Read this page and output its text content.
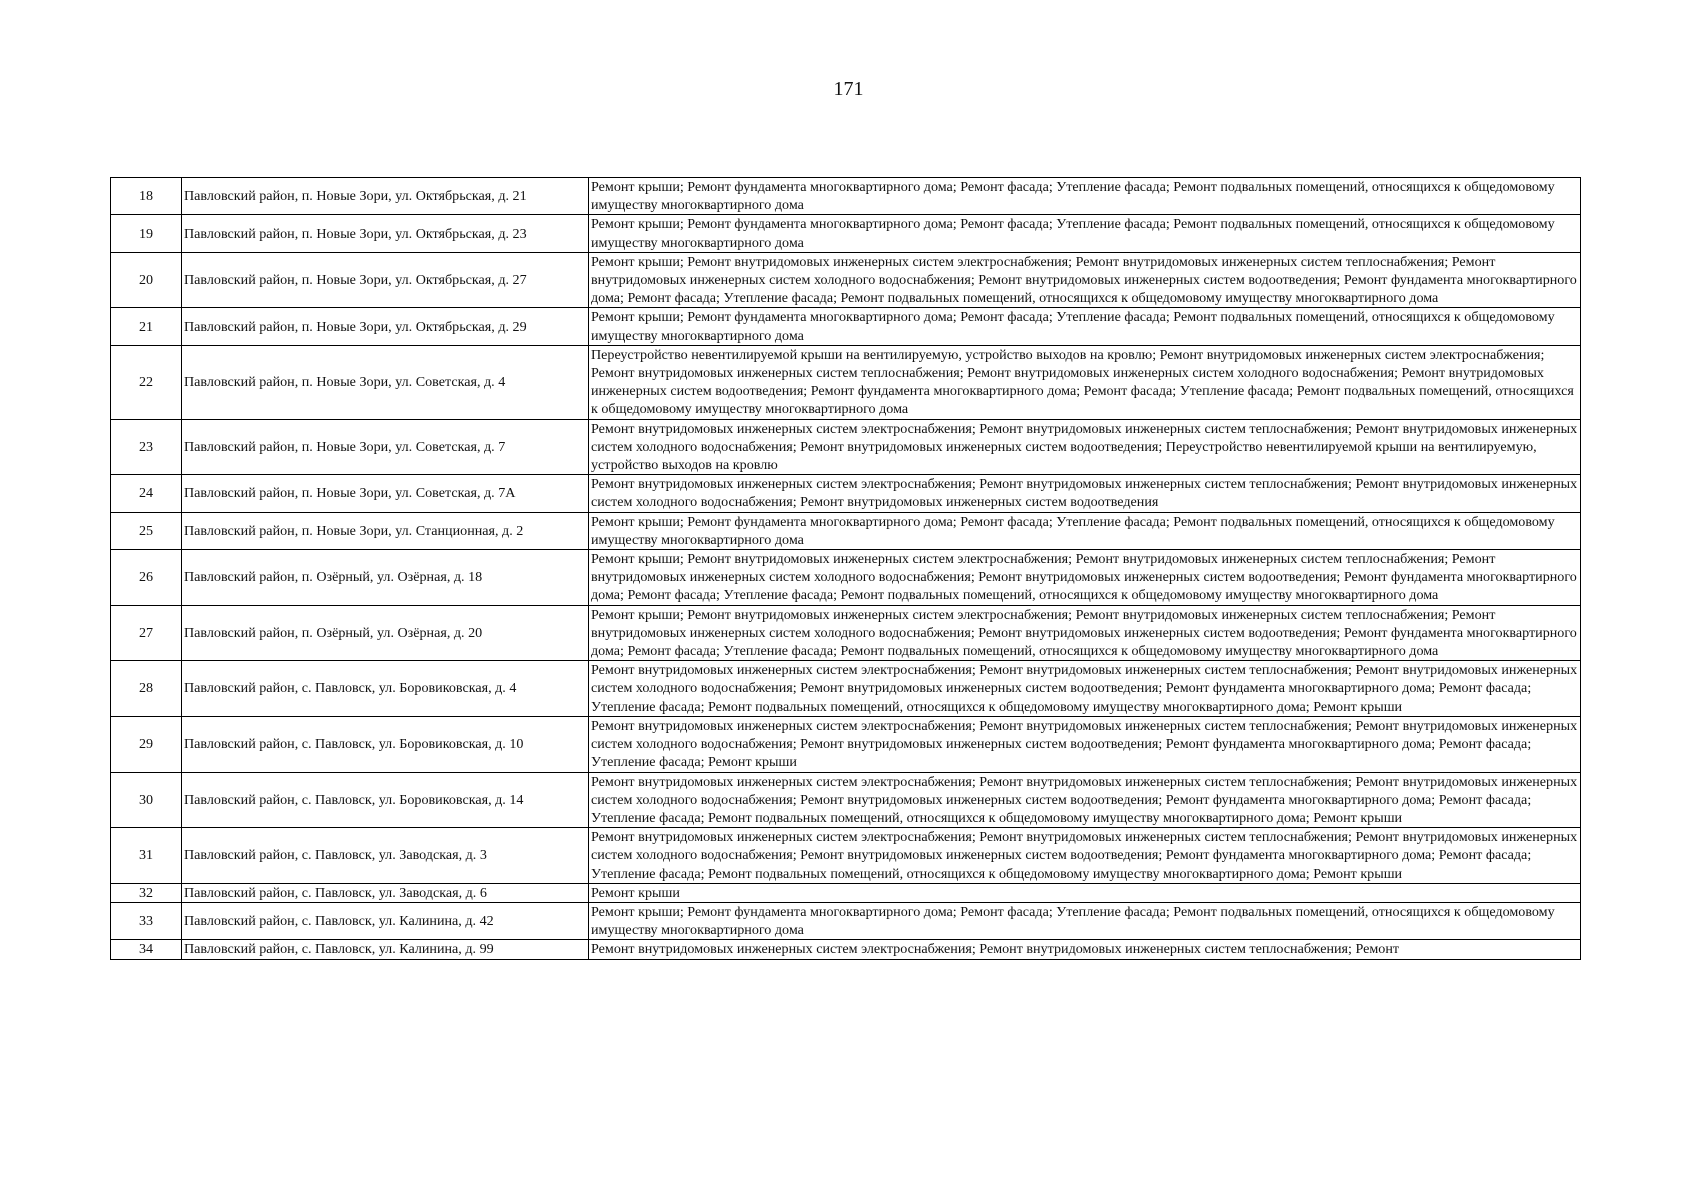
171
18	Павловский район, п. Новые Зори, ул. Октябрьская, д. 21	Ремонт крыши; Ремонт фундамента многоквартирного дома; Ремонт фасада; Утепление фасада; Ремонт подвальных помещений, относящихся к общедомовому имуществу многоквартирного дома
19	Павловский район, п. Новые Зори, ул. Октябрьская, д. 23	Ремонт крыши; Ремонт фундамента многоквартирного дома; Ремонт фасада; Утепление фасада; Ремонт подвальных помещений, относящихся к общедомовому имуществу многоквартирного дома
20	Павловский район, п. Новые Зори, ул. Октябрьская, д. 27	Ремонт крыши; Ремонт внутридомовых инженерных систем электроснабжения; Ремонт внутридомовых инженерных систем теплоснабжения; Ремонт внутридомовых инженерных систем холодного водоснабжения; Ремонт внутридомовых инженерных систем водоотведения; Ремонт фундамента многоквартирного дома; Ремонт фасада; Утепление фасада; Ремонт подвальных помещений, относящихся к общедомовому имуществу многоквартирного дома
21	Павловский район, п. Новые Зори, ул. Октябрьская, д. 29	Ремонт крыши; Ремонт фундамента многоквартирного дома; Ремонт фасада; Утепление фасада; Ремонт подвальных помещений, относящихся к общедомовому имуществу многоквартирного дома
22	Павловский район, п. Новые Зори, ул. Советская, д. 4	Переустройство невентилируемой крыши на вентилируемую, устройство выходов на кровлю; Ремонт внутридомовых инженерных систем электроснабжения; Ремонт внутридомовых инженерных систем теплоснабжения; Ремонт внутридомовых инженерных систем холодного водоснабжения; Ремонт внутридомовых инженерных систем водоотведения; Ремонт фундамента многоквартирного дома; Ремонт фасада; Утепление фасада; Ремонт подвальных помещений, относящихся к общедомовому имуществу многоквартирного дома
23	Павловский район, п. Новые Зори, ул. Советская, д. 7	Ремонт внутридомовых инженерных систем электроснабжения; Ремонт внутридомовых инженерных систем теплоснабжения; Ремонт внутридомовых инженерных систем холодного водоснабжения; Ремонт внутридомовых инженерных систем водоотведения; Переустройство невентилируемой крыши на вентилируемую, устройство выходов на кровлю
24	Павловский район, п. Новые Зори, ул. Советская, д. 7А	Ремонт внутридомовых инженерных систем электроснабжения; Ремонт внутридомовых инженерных систем теплоснабжения; Ремонт внутридомовых инженерных систем холодного водоснабжения; Ремонт внутридомовых инженерных систем водоотведения
25	Павловский район, п. Новые Зори, ул. Станционная, д. 2	Ремонт крыши; Ремонт фундамента многоквартирного дома; Ремонт фасада; Утепление фасада; Ремонт подвальных помещений, относящихся к общедомовому имуществу многоквартирного дома
26	Павловский район, п. Озёрный, ул. Озёрная, д. 18	Ремонт крыши; Ремонт внутридомовых инженерных систем электроснабжения; Ремонт внутридомовых инженерных систем теплоснабжения; Ремонт внутридомовых инженерных систем холодного водоснабжения; Ремонт внутридомовых инженерных систем водоотведения; Ремонт фундамента многоквартирного дома; Ремонт фасада; Утепление фасада; Ремонт подвальных помещений, относящихся к общедомовому имуществу многоквартирного дома
27	Павловский район, п. Озёрный, ул. Озёрная, д. 20	Ремонт крыши; Ремонт внутридомовых инженерных систем электроснабжения; Ремонт внутридомовых инженерных систем теплоснабжения; Ремонт внутридомовых инженерных систем холодного водоснабжения; Ремонт внутридомовых инженерных систем водоотведения; Ремонт фундамента многоквартирного дома; Ремонт фасада; Утепление фасада; Ремонт подвальных помещений, относящихся к общедомовому имуществу многоквартирного дома
28	Павловский район, с. Павловск, ул. Боровиковская, д. 4	Ремонт внутридомовых инженерных систем электроснабжения; Ремонт внутридомовых инженерных систем теплоснабжения; Ремонт внутридомовых инженерных систем холодного водоснабжения; Ремонт внутридомовых инженерных систем водоотведения; Ремонт фундамента многоквартирного дома; Ремонт фасада; Утепление фасада; Ремонт подвальных помещений, относящихся к общедомовому имуществу многоквартирного дома; Ремонт крыши
29	Павловский район, с. Павловск, ул. Боровиковская, д. 10	Ремонт внутридомовых инженерных систем электроснабжения; Ремонт внутридомовых инженерных систем теплоснабжения; Ремонт внутридомовых инженерных систем холодного водоснабжения; Ремонт внутридомовых инженерных систем водоотведения; Ремонт фундамента многоквартирного дома; Ремонт фасада; Утепление фасада; Ремонт крыши
30	Павловский район, с. Павловск, ул. Боровиковская, д. 14	Ремонт внутридомовых инженерных систем электроснабжения; Ремонт внутридомовых инженерных систем теплоснабжения; Ремонт внутридомовых инженерных систем холодного водоснабжения; Ремонт внутридомовых инженерных систем водоотведения; Ремонт фундамента многоквартирного дома; Ремонт фасада; Утепление фасада; Ремонт подвальных помещений, относящихся к общедомовому имуществу многоквартирного дома; Ремонт крыши
31	Павловский район, с. Павловск, ул. Заводская, д. 3	Ремонт внутридомовых инженерных систем электроснабжения; Ремонт внутридомовых инженерных систем теплоснабжения; Ремонт внутридомовых инженерных систем холодного водоснабжения; Ремонт внутридомовых инженерных систем водоотведения; Ремонт фундамента многоквартирного дома; Ремонт фасада; Утепление фасада; Ремонт подвальных помещений, относящихся к общедомовому имуществу многоквартирного дома; Ремонт крыши
32	Павловский район, с. Павловск, ул. Заводская, д. 6	Ремонт крыши
33	Павловский район, с. Павловск, ул. Калинина, д. 42	Ремонт крыши; Ремонт фундамента многоквартирного дома; Ремонт фасада; Утепление фасада; Ремонт подвальных помещений, относящихся к общедомовому имуществу многоквартирного дома
34	Павловский район, с. Павловск, ул. Калинина, д. 99	Ремонт внутридомовых инженерных систем электроснабжения; Ремонт внутридомовых инженерных систем теплоснабжения; Ремонт
